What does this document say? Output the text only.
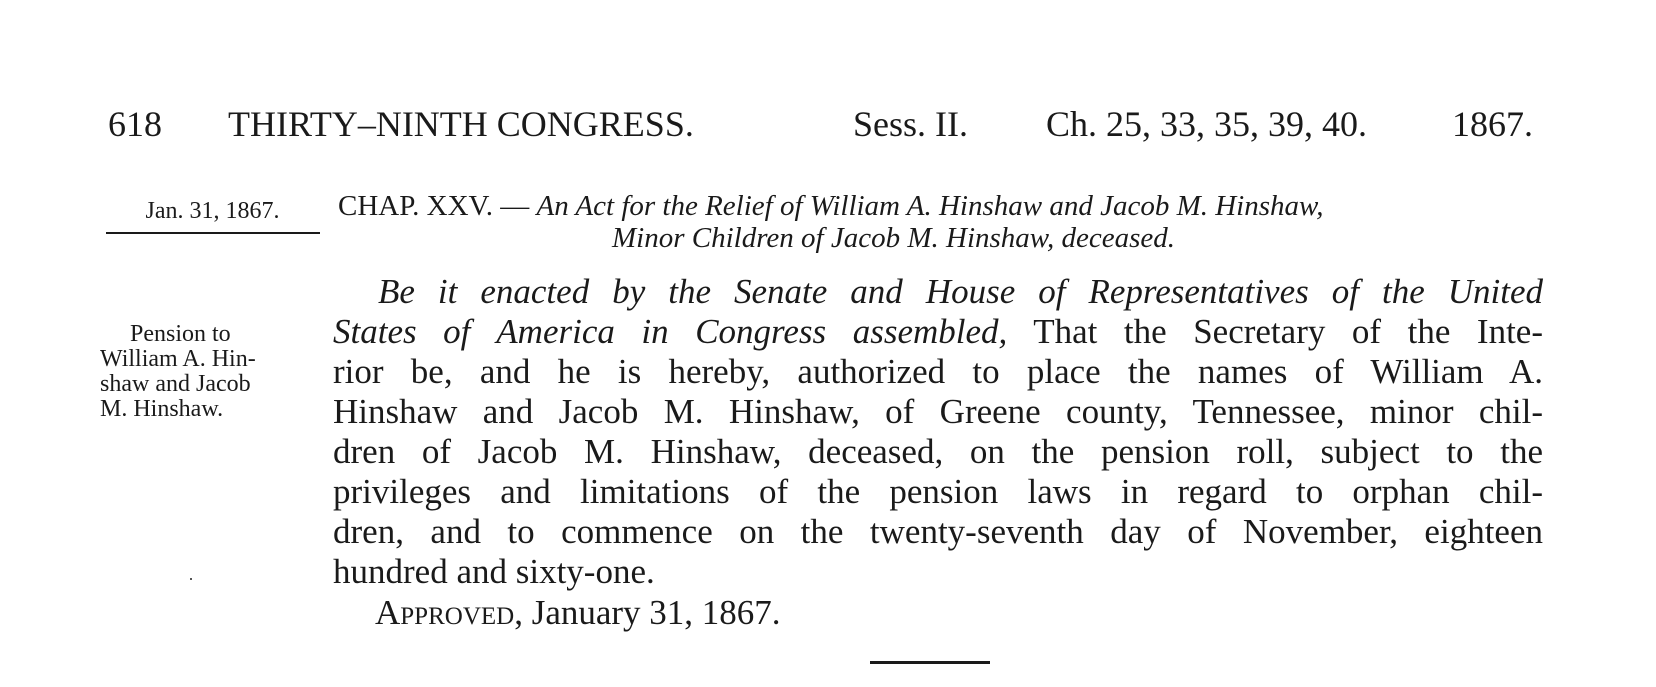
618 THIRTY–NINTH CONGRESS.	Sess. II. Ch. 25, 33, 35, 39, 40. 1867.
Jan. 31, 1867.	CHAP. XXV. — An Act for the Relief of William A. Hinshaw and Jacob M. Hinshaw,
Minor Children of Jacob M. Hinshaw, deceased.
Pension to
William A. Hin-
shaw and Jacob
M. Hinshaw.
Be it enacted by the Senate and House of Representatives of the United
States of America in Congress assembled, That the Secretary of the Inte-
rior be, and he is hereby, authorized to place the names of William A.
Hinshaw and Jacob M. Hinshaw, of Greene county, Tennessee, minor chil-
dren of Jacob M. Hinshaw, deceased, on the pension roll, subject to the
privileges and limitations of the pension laws in regard to orphan chil-
dren, and to commence on the twenty-seventh day of November, eighteen
hundred and sixty-one.
Approved, January 31, 1867.
